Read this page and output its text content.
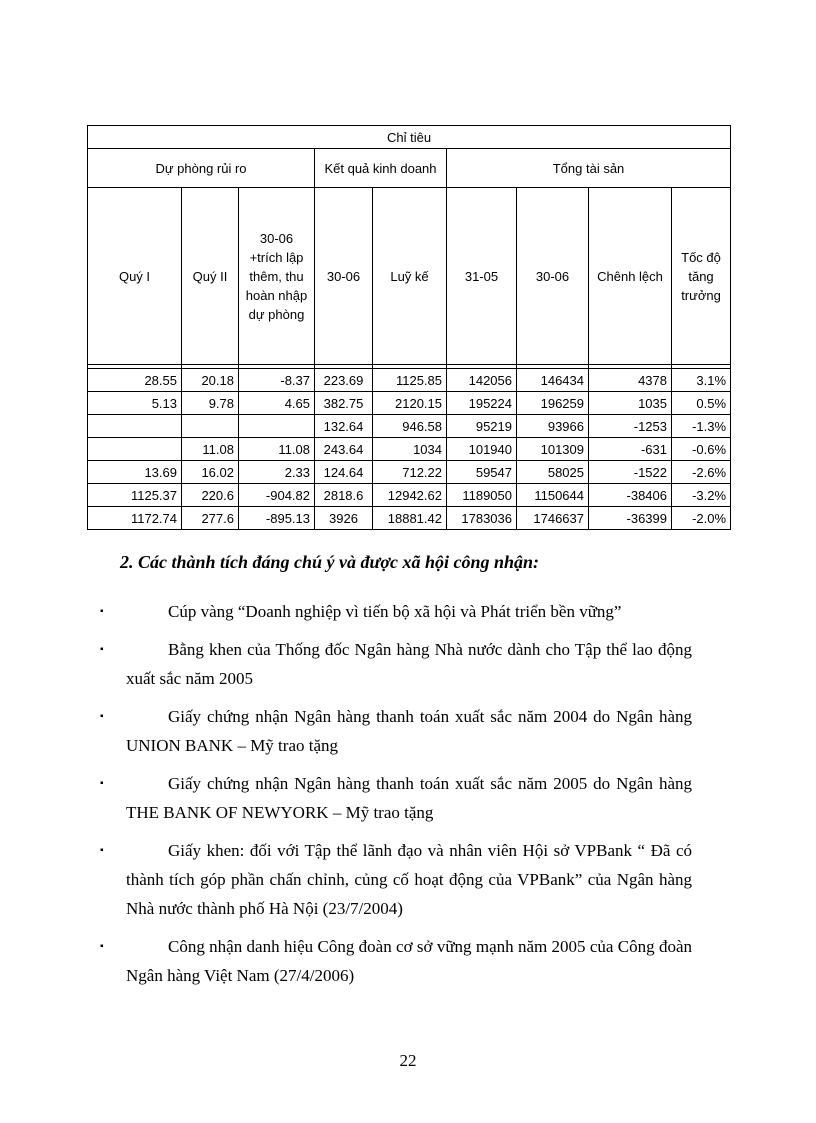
Chỉ tiêu								
Dự phòng rủi ro			Kết quả kinh doanh		Tổng tài sản			
Quý I	Quý II	30-06 +trích lập thêm, thu hoàn nhập dự phòng	30-06	Luỹ kế	31-05	30-06	Chênh lệch	Tốc độ tăng trưởng

28.55	20.18	-8.37	223.69	1125.85	142056	146434	4378	3.1%
5.13	9.78	4.65	382.75	2120.15	195224	196259	1035	0.5%
			132.64	946.58	95219	93966	-1253	-1.3%
	11.08	11.08	243.64	1034	101940	101309	-631	-0.6%
13.69	16.02	2.33	124.64	712.22	59547	58025	-1522	-2.6%
1125.37	220.6	-904.82	2818.6	12942.62	1189050	1150644	-38406	-3.2%
1172.74	277.6	-895.13	3926	18881.42	1783036	1746637	-36399	-2.0%
2. Các thành tích đáng chú ý và được xã hội công nhận:
▪	Cúp vàng “Doanh nghiệp vì tiến bộ xã hội và Phát triển bền vững”
▪	Bằng khen của Thống đốc Ngân hàng Nhà nước dành cho Tập thể lao động xuất sắc năm 2005
▪	Giấy chứng nhận Ngân hàng thanh toán xuất sắc năm 2004 do Ngân hàng UNION BANK – Mỹ trao tặng
▪	Giấy chứng nhận Ngân hàng thanh toán xuất sắc năm 2005 do Ngân hàng THE BANK OF NEWYORK – Mỹ trao tặng
▪	Giấy khen: đối với Tập thể lãnh đạo và nhân viên Hội sở VPBank “ Đã có thành tích góp phần chấn chỉnh, củng cố hoạt động của VPBank” của Ngân hàng Nhà nước thành phố Hà Nội (23/7/2004)
▪	Công nhận danh hiệu Công đoàn cơ sở vững mạnh năm 2005 của Công đoàn Ngân hàng Việt Nam (27/4/2006)
22
